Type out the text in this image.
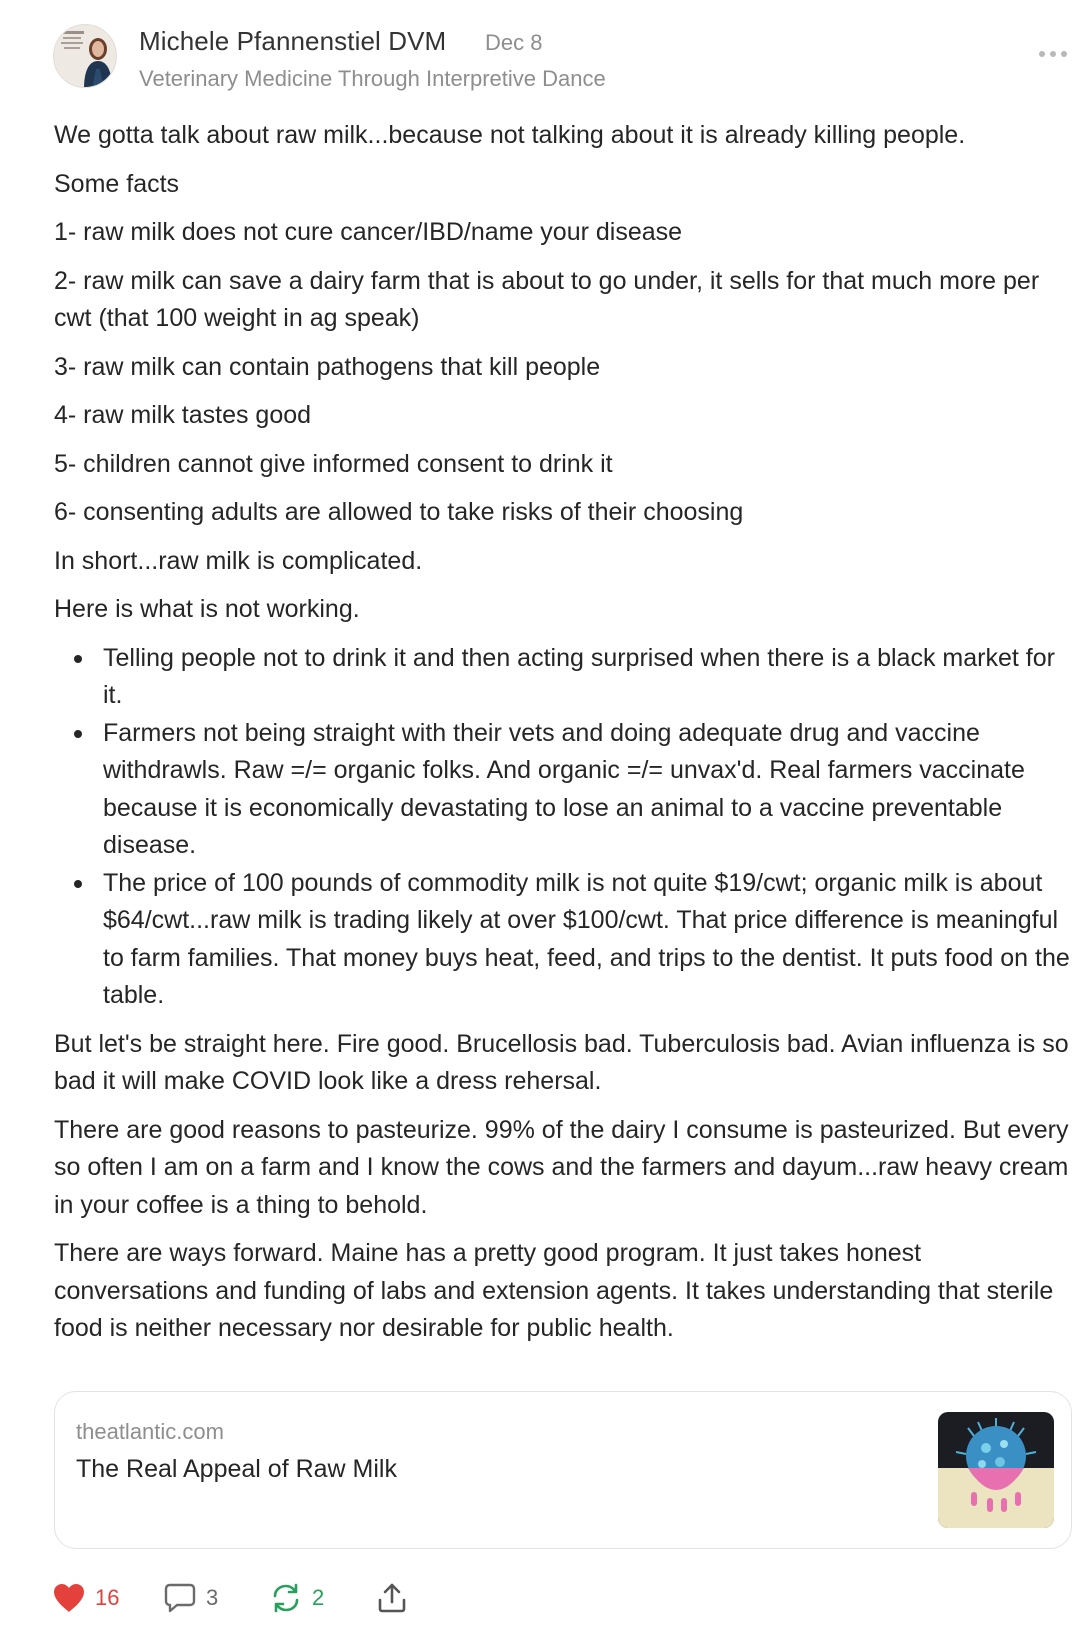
Michele Pfannenstiel DVM Dec 8
Veterinary Medicine Through Interpretive Dance

We gotta talk about raw milk...because not talking about it is already killing people.

Some facts

1- raw milk does not cure cancer/IBD/name your disease

2- raw milk can save a dairy farm that is about to go under, it sells for that much more per cwt (that 100 weight in ag speak)

3- raw milk can contain pathogens that kill people

4- raw milk tastes good

5- children cannot give informed consent to drink it

6- consenting adults are allowed to take risks of their choosing

In short...raw milk is complicated.

Here is what is not working.

Telling people not to drink it and then acting surprised when there is a black market for it.
Farmers not being straight with their vets and doing adequate drug and vaccine withdrawls. Raw =/= organic folks. And organic =/= unvax'd. Real farmers vaccinate because it is economically devastating to lose an animal to a vaccine preventable disease.
The price of 100 pounds of commodity milk is not quite $19/cwt; organic milk is about $64/cwt...raw milk is trading likely at over $100/cwt. That price difference is meaningful to farm families. That money buys heat, feed, and trips to the dentist. It puts food on the table.

But let's be straight here. Fire good. Brucellosis bad. Tuberculosis bad. Avian influenza is so bad it will make COVID look like a dress rehersal.

There are good reasons to pasteurize. 99% of the dairy I consume is pasteurized. But every so often I am on a farm and I know the cows and the farmers and dayum...raw heavy cream in your coffee is a thing to behold.

There are ways forward. Maine has a pretty good program. It just takes honest conversations and funding of labs and extension agents. It takes understanding that sterile food is neither necessary nor desirable for public health.

theatlantic.com
The Real Appeal of Raw Milk
16	3	2
